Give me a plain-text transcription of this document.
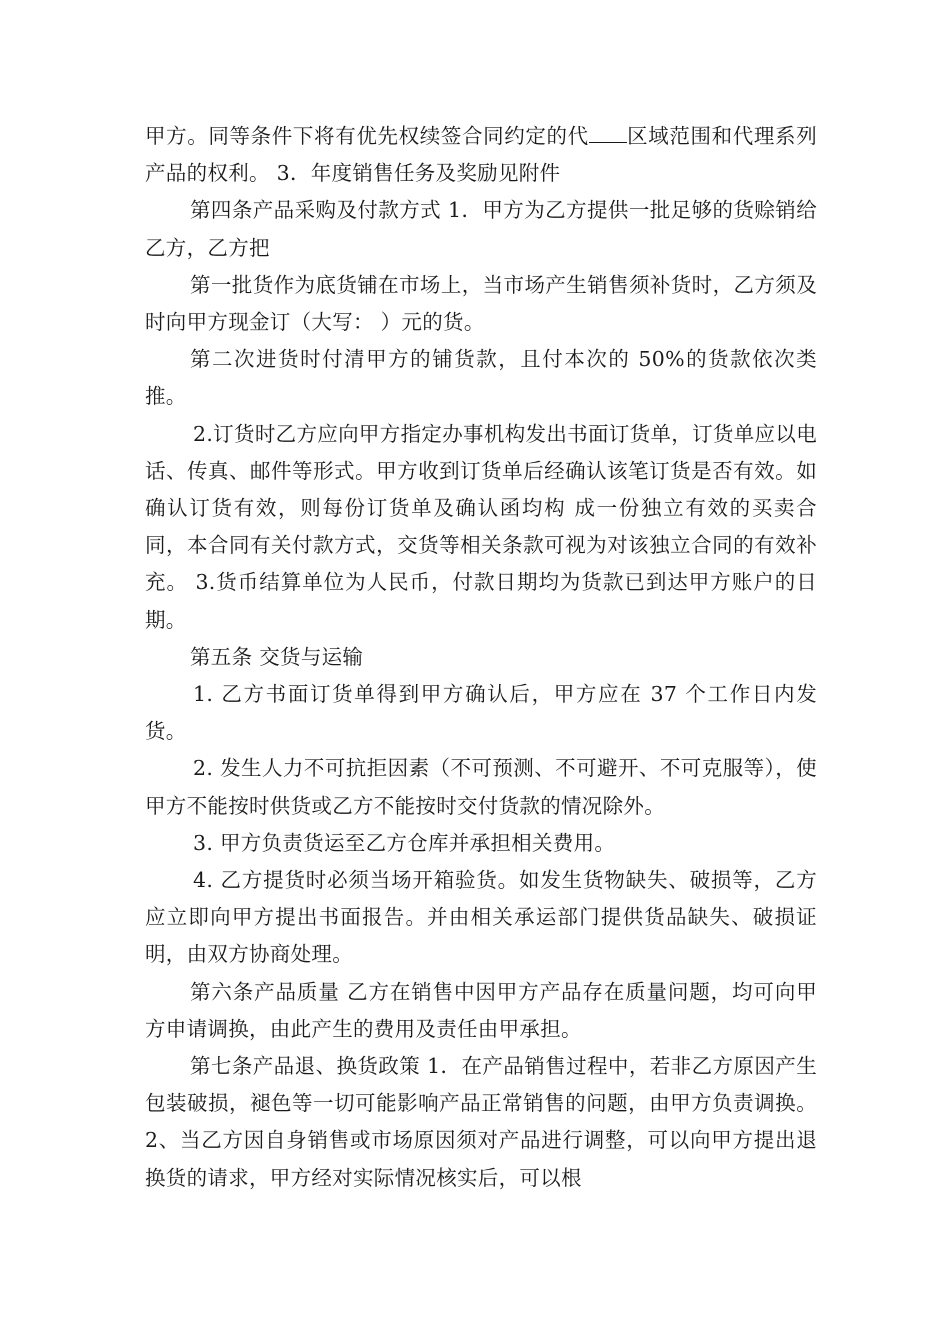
甲方。同等条件下将有优先权续签合同约定的代 区域范围和代理系列产品的权利。 3．年度销售任务及奖励见附件

第四条产品采购及付款方式 1．甲方为乙方提供一批足够的货赊销给乙方，乙方把

第一批货作为底货铺在市场上，当市场产生销售须补货时，乙方须及时向甲方现金订（大写： ）元的货。

第二次进货时付清甲方的铺货款，且付本次的 50%的货款依次类推。

2.订货时乙方应向甲方指定办事机构发出书面订货单，订货单应以电话、传真、邮件等形式。甲方收到订货单后经确认该笔订货是否有效。如确认订货有效，则每份订货单及确认函均构 成一份独立有效的买卖合同，本合同有关付款方式，交货等相关条款可视为对该独立合同的有效补充。 3.货币结算单位为人民币，付款日期均为货款已到达甲方账户的日期。

第五条 交货与运输

1. 乙方书面订货单得到甲方确认后，甲方应在 37 个工作日内发货。

2. 发生人力不可抗拒因素（不可预测、不可避开、不可克服等），使甲方不能按时供货或乙方不能按时交付货款的情况除外。

3. 甲方负责货运至乙方仓库并承担相关费用。

4. 乙方提货时必须当场开箱验货。如发生货物缺失、破损等，乙方应立即向甲方提出书面报告。并由相关承运部门提供货品缺失、破损证明，由双方协商处理。

第六条产品质量 乙方在销售中因甲方产品存在质量问题，均可向甲方申请调换，由此产生的费用及责任由甲承担。

第七条产品退、换货政策 1．在产品销售过程中，若非乙方原因产生包装破损，褪色等一切可能影响产品正常销售的问题，由甲方负责调换。 2、当乙方因自身销售或市场原因须对产品进行调整，可以向甲方提出退换货的请求，甲方经对实际情况核实后，可以根
